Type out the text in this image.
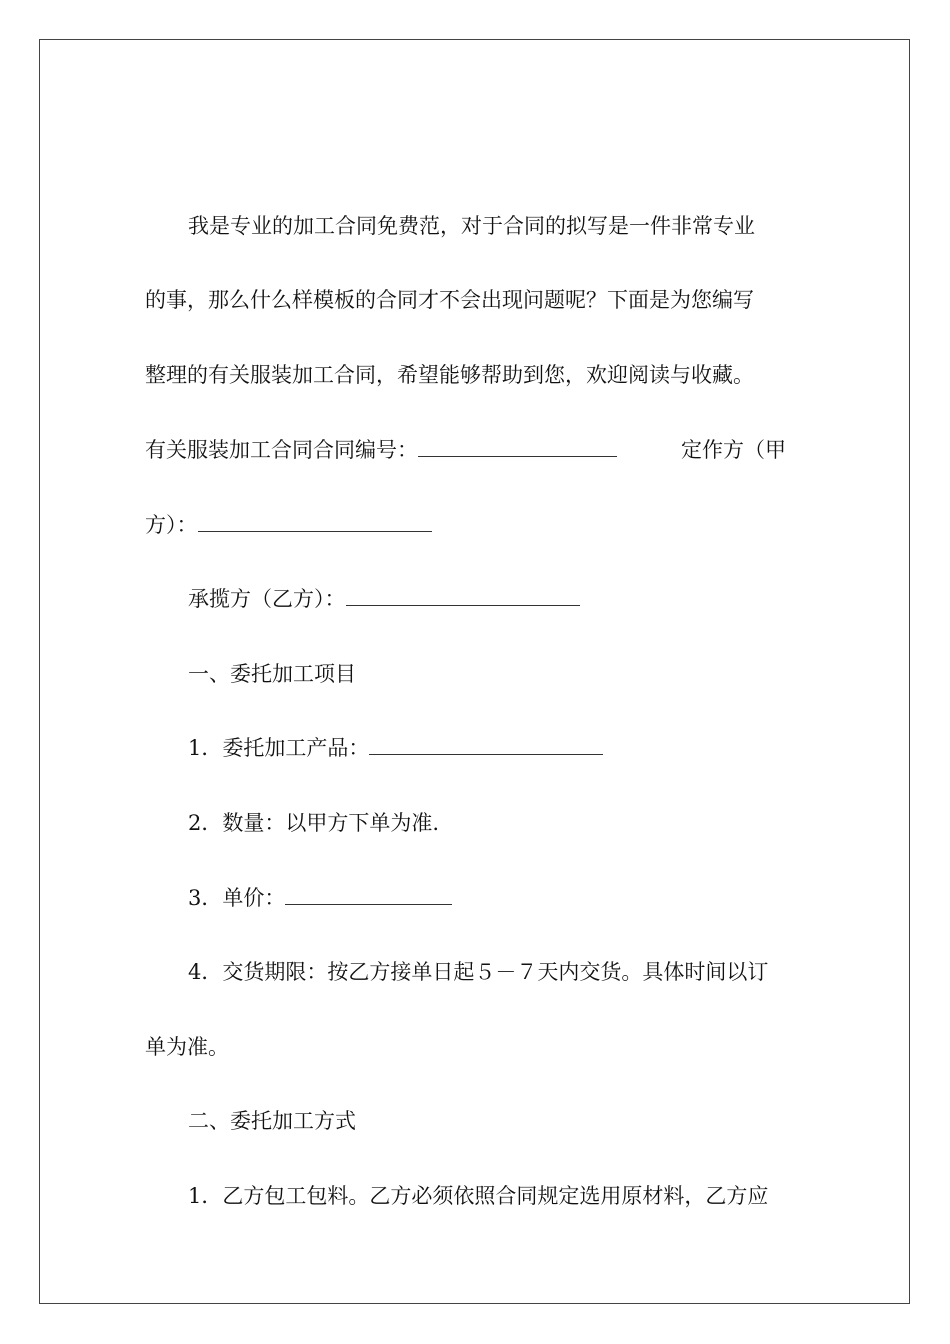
我是专业的加工合同免费范，对于合同的拟写是一件非常专业
的事，那么什么样模板的合同才不会出现问题呢？下面是为您编写
整理的有关服装加工合同，希望能够帮助到您，欢迎阅读与收藏。
有关服装加工合同合同编号：	定作方（甲
方）：
承揽方（乙方）：
一、委托加工项目
1．委托加工产品：
2．数量：以甲方下单为准.
3．单价：
4．交货期限：按乙方接单日起５－７天内交货。具体时间以订
单为准。
二、委托加工方式
1．乙方包工包料。乙方必须依照合同规定选用原材料，乙方应
